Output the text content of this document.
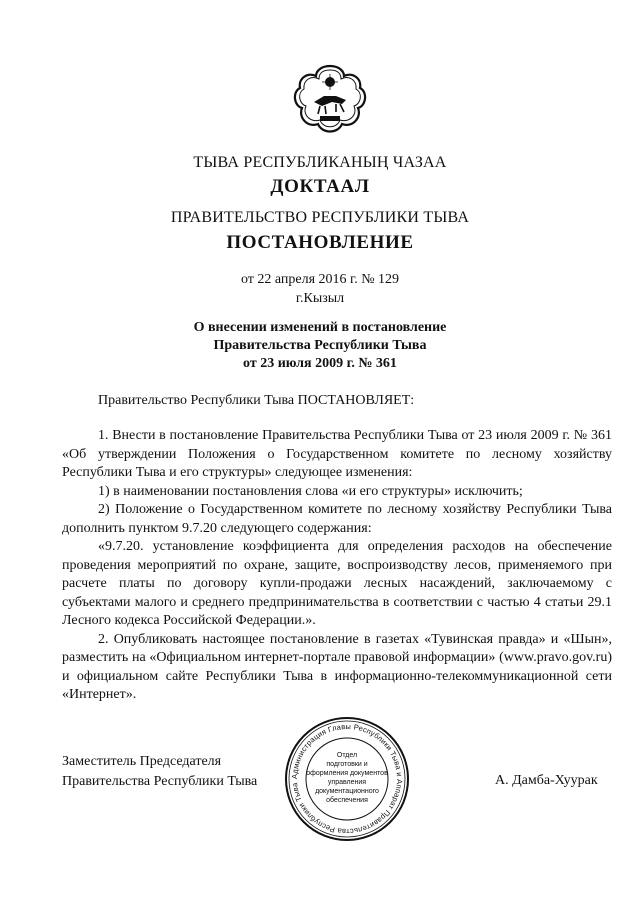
ТЫВА РЕСПУБЛИКАНЫҢ ЧАЗАА
ДОКТААЛ
ПРАВИТЕЛЬСТВО РЕСПУБЛИКИ ТЫВА
ПОСТАНОВЛЕНИЕ
от 22 апреля 2016 г. № 129
г.Кызыл
О внесении изменений в постановление
Правительства Республики Тыва
от 23 июля 2009 г. № 361
Правительство Республики Тыва ПОСТАНОВЛЯЕТ:

1. Внести в постановление Правительства Республики Тыва от 23 июля 2009 г. № 361 «Об утверждении Положения о Государственном комитете по лесному хозяйству Республики Тыва и его структуры» следующее изменения:

1) в наименовании постановления слова «и его структуры» исключить;

2) Положение о Государственном комитете по лесному хозяйству Республики Тыва дополнить пунктом 9.7.20 следующего содержания:

«9.7.20. установление коэффициента для определения расходов на обеспечение проведения мероприятий по охране, защите, воспроизводству лесов, применяемого при расчете платы по договору купли-продажи лесных насаждений, заключаемому с субъектами малого и среднего предпринимательства в соответствии с частью 4 статьи 29.1 Лесного кодекса Российской Федерации.».

2. Опубликовать настоящее постановление в газетах «Тувинская правда» и «Шын», разместить на «Официальном интернет-портале правовой информации» (www.pravo.gov.ru) и официальном сайте Республики Тыва в информационно-телекоммуникационной сети «Интернет».

Заместитель Председателя
Правительства Республики Тыва	А. Дамба-Хуурак
Администрация Главы Республики Тыва и Аппарат Правительства Республики Тыва
Отдел
подготовки и
оформления документов
управления
документационного
обеспечения
